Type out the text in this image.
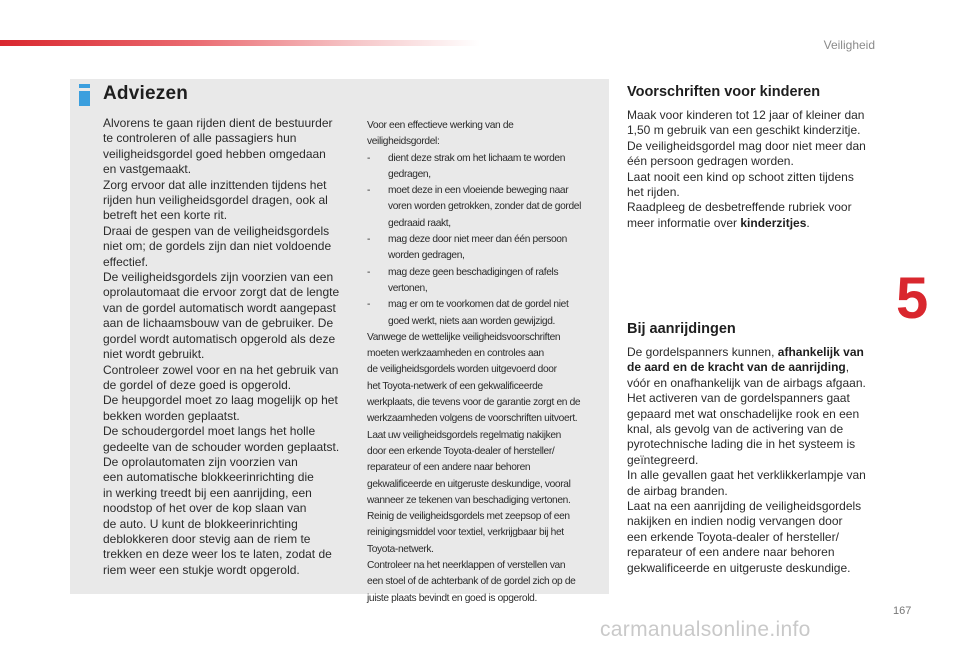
Veiligheid
5
Adviezen

Alvorens te gaan rijden dient de bestuurder
te controleren of alle passagiers hun
veiligheidsgordel goed hebben omgedaan
en vastgemaakt.
Zorg ervoor dat alle inzittenden tijdens het
rijden hun veiligheidsgordel dragen, ook al
betreft het een korte rit.
Draai de gespen van de veiligheidsgordels
niet om; de gordels zijn dan niet voldoende
effectief.
De veiligheidsgordels zijn voorzien van een
oprolautomaat die ervoor zorgt dat de lengte
van de gordel automatisch wordt aangepast
aan de lichaamsbouw van de gebruiker. De
gordel wordt automatisch opgerold als deze
niet wordt gebruikt.
Controleer zowel voor en na het gebruik van
de gordel of deze goed is opgerold.
De heupgordel moet zo laag mogelijk op het
bekken worden geplaatst.
De schoudergordel moet langs het holle
gedeelte van de schouder worden geplaatst.
De oprolautomaten zijn voorzien van
een automatische blokkeerinrichting die
in werking treedt bij een aanrijding, een
noodstop of het over de kop slaan van
de auto. U kunt de blokkeerinrichting
deblokkeren door stevig aan de riem te
trekken en deze weer los te laten, zodat de
riem weer een stukje wordt opgerold.

Voor een effectieve werking van de
veiligheidsgordel:

- dient deze strak om het lichaam te worden
gedragen,
- moet deze in een vloeiende beweging naar
voren worden getrokken, zonder dat de gordel
gedraaid raakt,
- mag deze door niet meer dan één persoon
worden gedragen,
- mag deze geen beschadigingen of rafels
vertonen,
- mag er om te voorkomen dat de gordel niet
goed werkt, niets aan worden gewijzigd.

Vanwege de wettelijke veiligheidsvoorschriften
moeten werkzaamheden en controles aan
de veiligheidsgordels worden uitgevoerd door
het Toyota-netwerk of een gekwalificeerde
werkplaats, die tevens voor de garantie zorgt en de
werkzaamheden volgens de voorschriften uitvoert.
Laat uw veiligheidsgordels regelmatig nakijken
door een erkende Toyota-dealer of hersteller/
reparateur of een andere naar behoren
gekwalificeerde en uitgeruste deskundige, vooral
wanneer ze tekenen van beschadiging vertonen.
Reinig de veiligheidsgordels met zeepsop of een
reinigingsmiddel voor textiel, verkrijgbaar bij het
Toyota-netwerk.
Controleer na het neerklappen of verstellen van
een stoel of de achterbank of de gordel zich op de
juiste plaats bevindt en goed is opgerold.

Voorschriften voor kinderen

Maak voor kinderen tot 12 jaar of kleiner dan
1,50 m gebruik van een geschikt kinderzitje.
De veiligheidsgordel mag door niet meer dan
één persoon gedragen worden.
Laat nooit een kind op schoot zitten tijdens
het rijden.
Raadpleeg de desbetreffende rubriek voor
meer informatie over kinderzitjes.

Bij aanrijdingen

De gordelspanners kunnen, afhankelijk van
de aard en de kracht van de aanrijding,
vóór en onafhankelijk van de airbags afgaan.
Het activeren van de gordelspanners gaat
gepaard met wat onschadelijke rook en een
knal, als gevolg van de activering van de
pyrotechnische lading die in het systeem is
geïntegreerd.
In alle gevallen gaat het verklikkerlampje van
de airbag branden.
Laat na een aanrijding de veiligheidsgordels
nakijken en indien nodig vervangen door
een erkende Toyota-dealer of hersteller/
reparateur of een andere naar behoren
gekwalificeerde en uitgeruste deskundige.

167
carmanualsonline.info
